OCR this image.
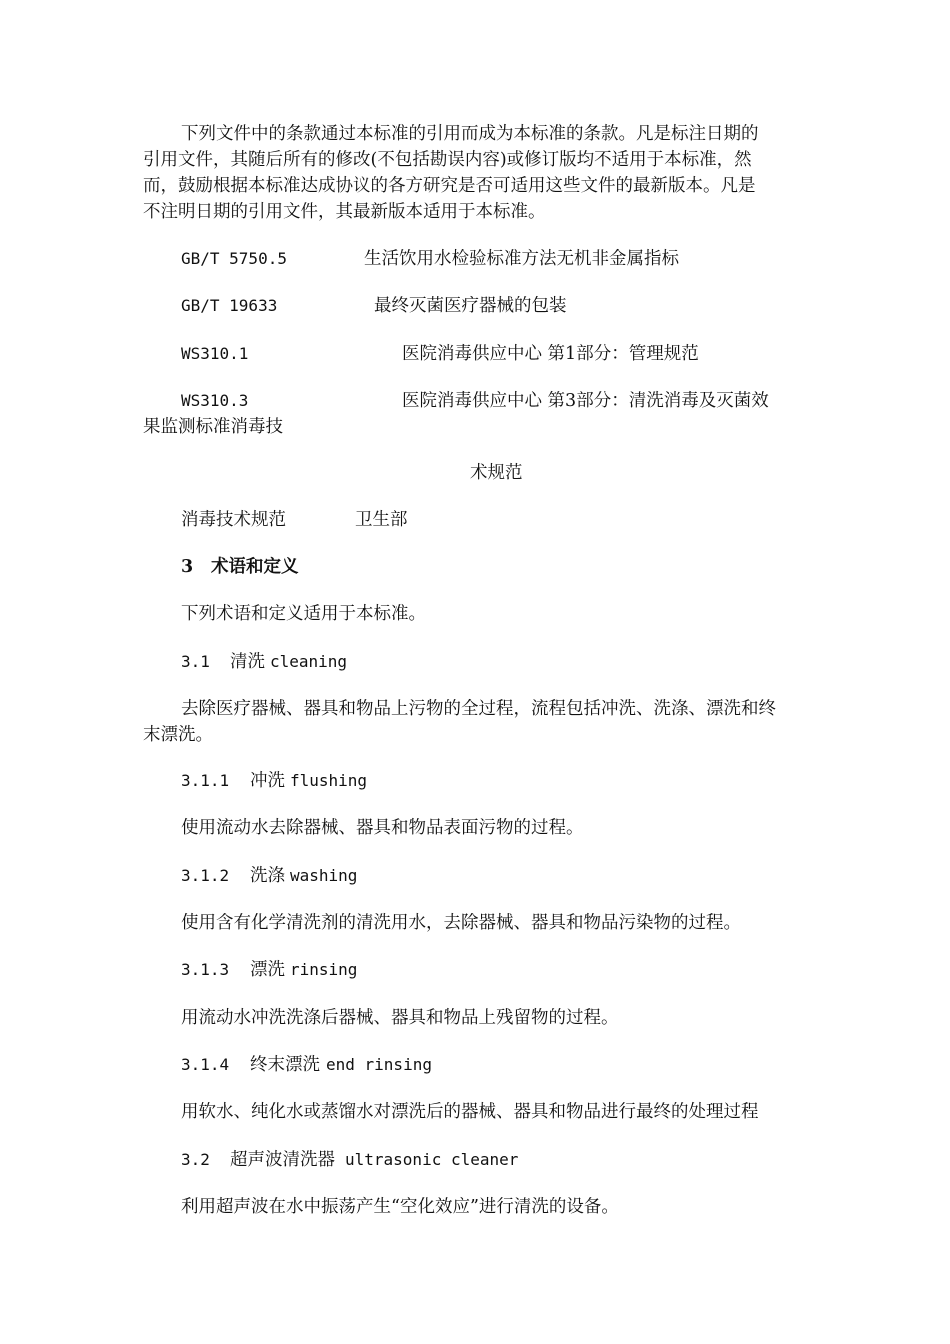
下列文件中的条款通过本标准的引用而成为本标准的条款。凡是标注日期的
引用文件，其随后所有的修改(不包括勘误内容)或修订版均不适用于本标准，然
而，鼓励根据本标准达成协议的各方研究是否可适用这些文件的最新版本。凡是
不注明日期的引用文件，其最新版本适用于本标准。
GB/T 5750.5	生活饮用水检验标准方法无机非金属指标
GB/T 19633	最终灭菌医疗器械的包装
WS310.1	医院消毒供应中心 第1部分：管理规范
WS310.3	医院消毒供应中心 第3部分：清洗消毒及灭菌效
果监测标准消毒技
术规范
消毒技术规范	卫生部
3 术语和定义
下列术语和定义适用于本标准。
3.1 清洗 cleaning
去除医疗器械、器具和物品上污物的全过程，流程包括冲洗、洗涤、漂洗和终
末漂洗。
3.1.1 冲洗 flushing
使用流动水去除器械、器具和物品表面污物的过程。
3.1.2 洗涤 washing
使用含有化学清洗剂的清洗用水，去除器械、器具和物品污染物的过程。
3.1.3 漂洗 rinsing
用流动水冲洗洗涤后器械、器具和物品上残留物的过程。
3.1.4 终末漂洗 end rinsing
用软水、纯化水或蒸馏水对漂洗后的器械、器具和物品进行最终的处理过程
3.2 超声波清洗器 ultrasonic cleaner
利用超声波在水中振荡产生“空化效应”进行清洗的设备。
